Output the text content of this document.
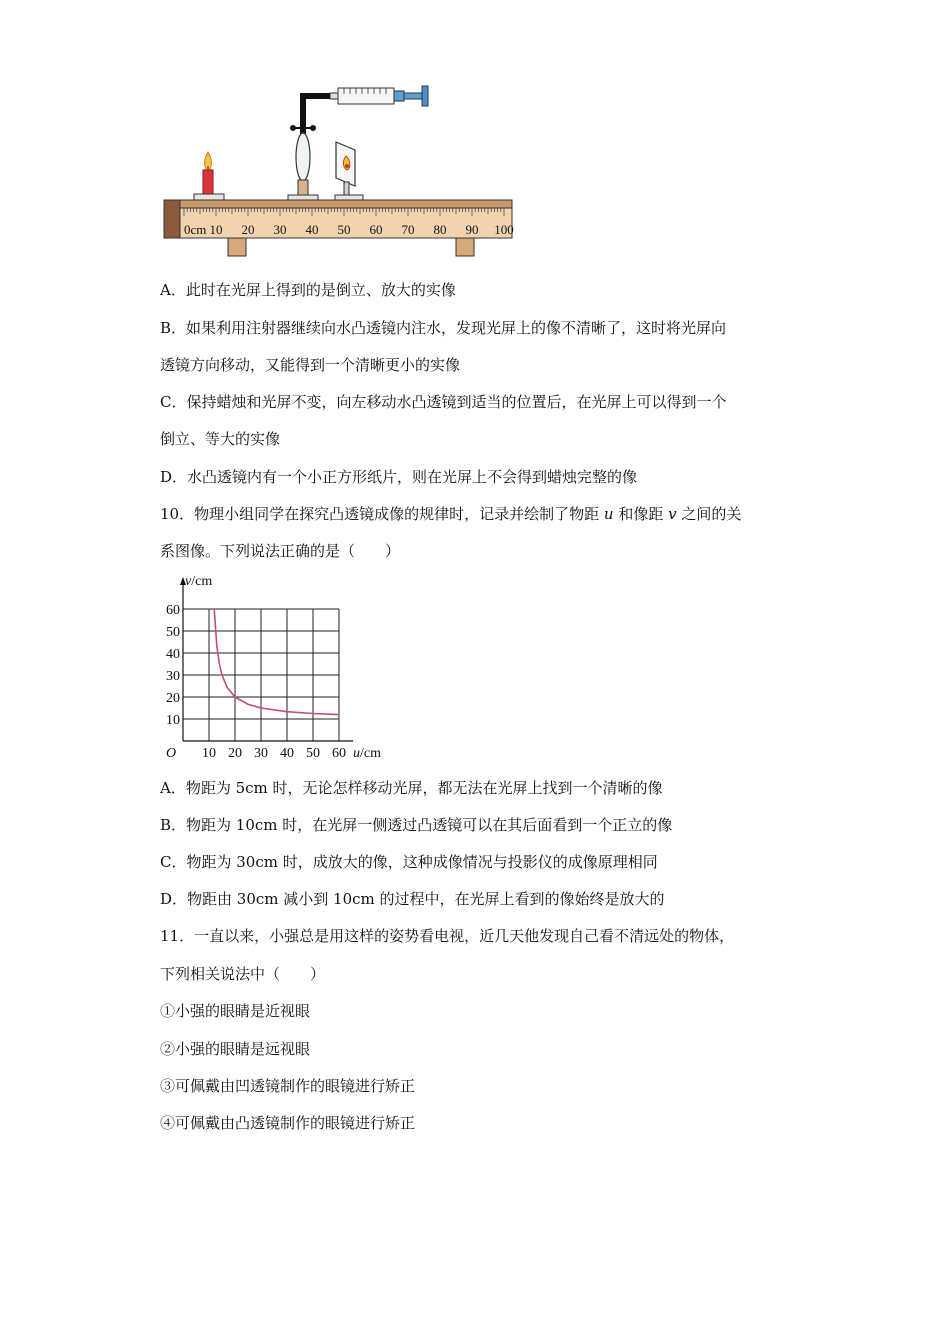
10 20 30 40 50 60 70 80 90 100
0cm
A．此时在光屏上得到的是倒立、放大的实像
B．如果利用注射器继续向水凸透镜内注水，发现光屏上的像不清晰了，这时将光屏向
透镜方向移动，又能得到一个清晰更小的实像
C．保持蜡烛和光屏不变，向左移动水凸透镜到适当的位置后，在光屏上可以得到一个
倒立、等大的实像
D．水凸透镜内有一个小正方形纸片，则在光屏上不会得到蜡烛完整的像
10．物理小组同学在探究凸透镜成像的规律时，记录并绘制了物距 u 和像距 v 之间的关
系图像。下列说法正确的是（　　）
10 20 30 40 50 60
10
20
30
40
50
60
O
v/cm
u/cm
A．物距为 5cm 时，无论怎样移动光屏，都无法在光屏上找到一个清晰的像
B．物距为 10cm 时，在光屏一侧透过凸透镜可以在其后面看到一个正立的像
C．物距为 30cm 时，成放大的像，这种成像情况与投影仪的成像原理相同
D．物距由 30cm 减小到 10cm 的过程中，在光屏上看到的像始终是放大的
11．一直以来，小强总是用这样的姿势看电视，近几天他发现自己看不清远处的物体，
下列相关说法中（　　）
①小强的眼睛是近视眼
②小强的眼睛是远视眼
③可佩戴由凹透镜制作的眼镜进行矫正
④可佩戴由凸透镜制作的眼镜进行矫正
